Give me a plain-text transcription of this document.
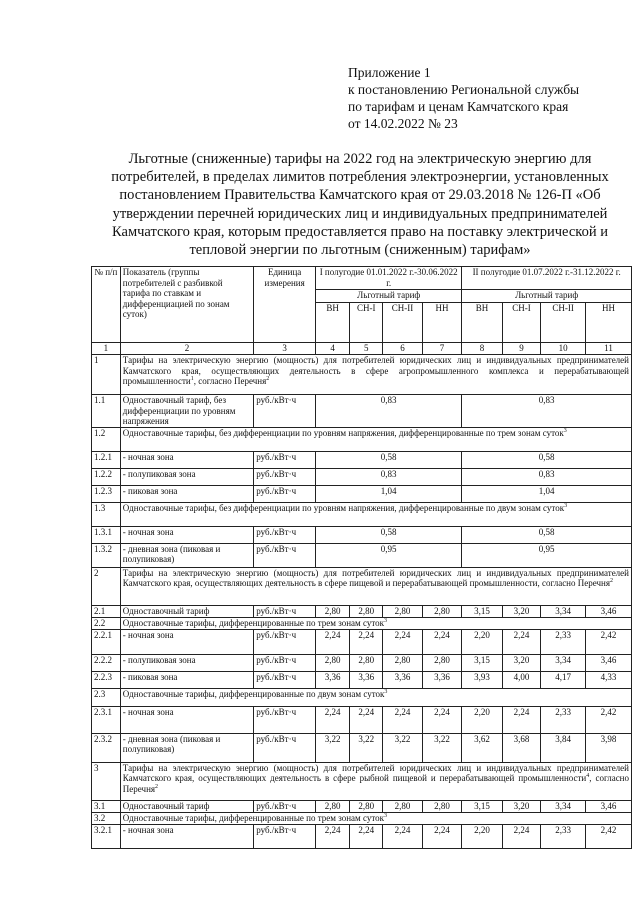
Приложение 1
к постановлению Региональной службы
по тарифам и ценам Камчатского края
от 14.02.2022 № 23
Льготные (сниженные) тарифы на 2022 год на электрическую энергию для
потребителей, в пределах лимитов потребления электроэнергии, установленных
постановлением Правительства Камчатского края от 29.03.2018 № 126-П «Об
утверждении перечней юридических лиц и индивидуальных предпринимателей
Камчатского края, которым предоставляется право на поставку электрической и
тепловой энергии по льготным (сниженным) тарифам»
№ п/п	Показатель (группы потребителей с разбивкой тарифа по ставкам и дифференциацией по зонам суток)	Единица измерения	I полугодие 01.01.2022 г.-30.06.2022 г.				II полугодие 01.07.2022 г.-31.12.2022 г.			
			Льготный тариф				Льготный тариф			
			ВН	СН-I	СН-II	НН	ВН	СН-I	СН-II	НН
1	2	3	4	5	6	7	8	9	10	11
1	Тарифы на электрическую энергию (мощность) для потребителей юридических лиц и индивидуальных предпринимателей Камчатского края, осуществляющих деятельность в сфере агропромышленного комплекса и перерабатывающей промышленности$^1$, согласно Перечня$^2$
1.1	Одноставочный тариф, без дифференциации по уровням напряжения	руб./кВт·ч	0,83				0,83			
1.2	Одноставочные тарифы, без дифференциации по уровням напряжения, дифференцированные по трем зонам суток$^3$
1.2.1	- ночная зона	руб./кВт·ч	0,58				0,58			
1.2.2	- полупиковая зона	руб./кВт·ч	0,83				0,83			
1.2.3	- пиковая зона	руб./кВт·ч	1,04				1,04			
1.3	Одноставочные тарифы, без дифференциации по уровням напряжения, дифференцированные по двум зонам суток$^3$
1.3.1	- ночная зона	руб./кВт·ч	0,58				0,58			
1.3.2	- дневная зона (пиковая и полупиковая)	руб./кВт·ч	0,95				0,95			
2	Тарифы на электрическую энергию (мощность) для потребителей юридических лиц и индивидуальных предпринимателей Камчатского края, осуществляющих деятельность в сфере пищевой и перерабатывающей промышленности, согласно Перечня$^2$
2.1	Одноставочный тариф	руб./кВт·ч	2,80	2,80	2,80	2,80	3,15	3,20	3,34	3,46
2.2	Одноставочные тарифы, дифференцированные по трем зонам суток$^3$
2.2.1	- ночная зона	руб./кВт·ч	2,24	2,24	2,24	2,24	2,20	2,24	2,33	2,42
2.2.2	- полупиковая зона	руб./кВт·ч	2,80	2,80	2,80	2,80	3,15	3,20	3,34	3,46
2.2.3	- пиковая зона	руб./кВт·ч	3,36	3,36	3,36	3,36	3,93	4,00	4,17	4,33
2.3	Одноставочные тарифы, дифференцированные по двум зонам суток$^3$
2.3.1	- ночная зона	руб./кВт·ч	2,24	2,24	2,24	2,24	2,20	2,24	2,33	2,42
2.3.2	- дневная зона (пиковая и полупиковая)	руб./кВт·ч	3,22	3,22	3,22	3,22	3,62	3,68	3,84	3,98
3	Тарифы на электрическую энергию (мощность) для потребителей юридических лиц и индивидуальных предпринимателей Камчатского края, осуществляющих деятельность в сфере рыбной пищевой и перерабатывающей промышленности$^4$, согласно Перечня$^2$
3.1	Одноставочный тариф	руб./кВт·ч	2,80	2,80	2,80	2,80	3,15	3,20	3,34	3,46
3.2	Одноставочные тарифы, дифференцированные по трем зонам суток$^3$
3.2.1	- ночная зона	руб./кВт·ч	2,24	2,24	2,24	2,24	2,20	2,24	2,33	2,42
